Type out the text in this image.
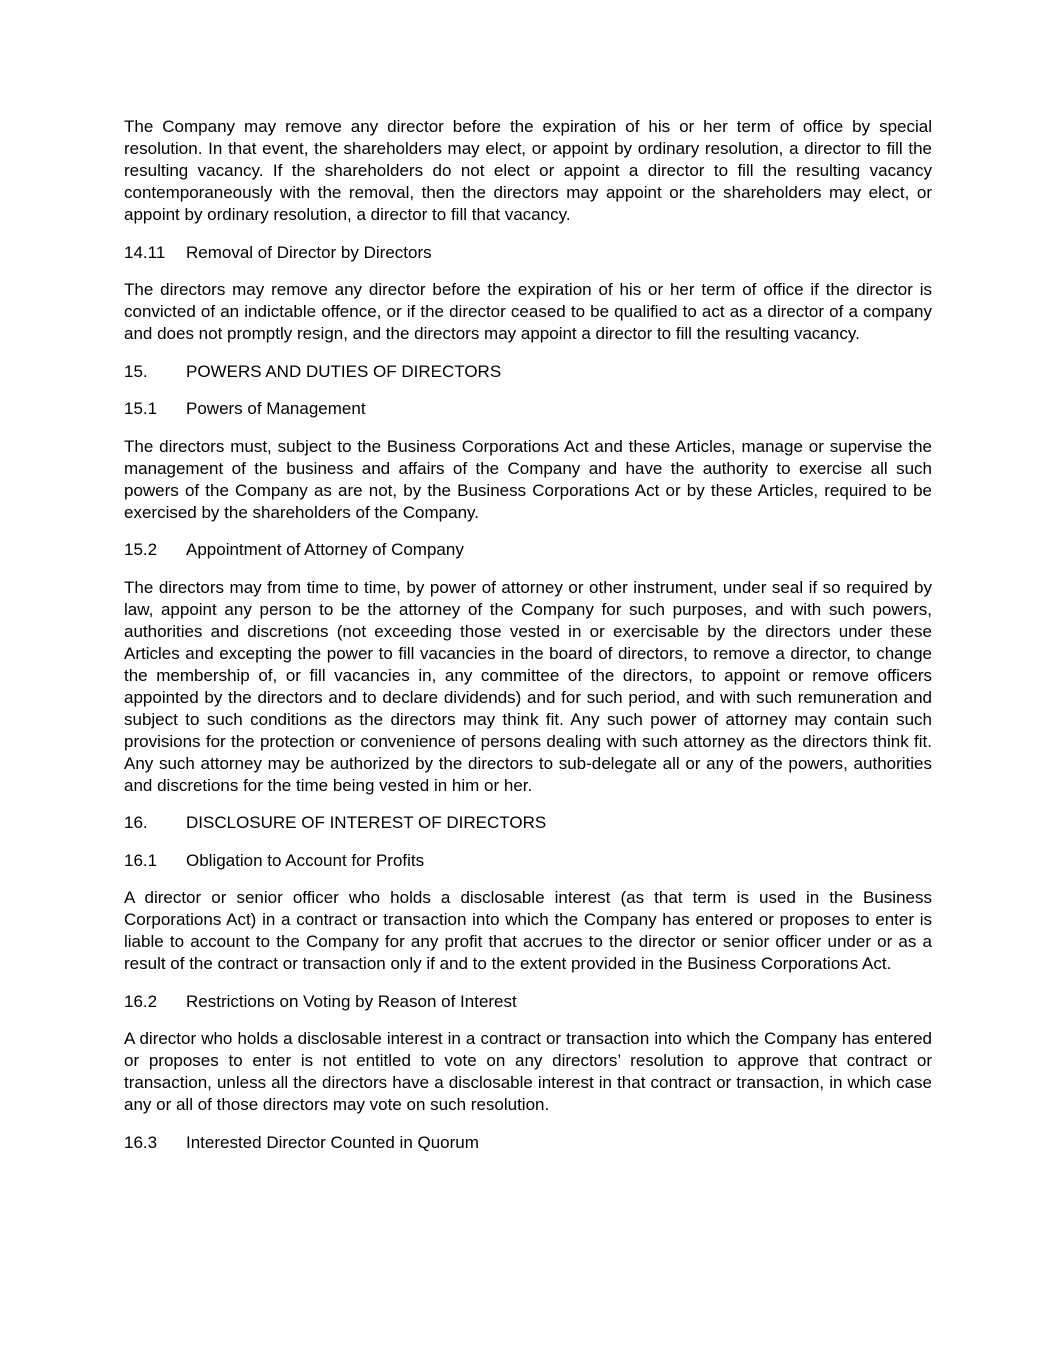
The Company may remove any director before the expiration of his or her term of office by special resolution. In that event, the shareholders may elect, or appoint by ordinary resolution, a director to fill the resulting vacancy. If the shareholders do not elect or appoint a director to fill the resulting vacancy contemporaneously with the removal, then the directors may appoint or the shareholders may elect, or appoint by ordinary resolution, a director to fill that vacancy.

14.11 Removal of Director by Directors

The directors may remove any director before the expiration of his or her term of office if the director is convicted of an indictable offence, or if the director ceased to be qualified to act as a director of a company and does not promptly resign, and the directors may appoint a director to fill the resulting vacancy.

15. POWERS AND DUTIES OF DIRECTORS
15.1 Powers of Management

The directors must, subject to the Business Corporations Act and these Articles, manage or supervise the management of the business and affairs of the Company and have the authority to exercise all such powers of the Company as are not, by the Business Corporations Act or by these Articles, required to be exercised by the shareholders of the Company.

15.2 Appointment of Attorney of Company

The directors may from time to time, by power of attorney or other instrument, under seal if so required by law, appoint any person to be the attorney of the Company for such purposes, and with such powers, authorities and discretions (not exceeding those vested in or exercisable by the directors under these Articles and excepting the power to fill vacancies in the board of directors, to remove a director, to change the membership of, or fill vacancies in, any committee of the directors, to appoint or remove officers appointed by the directors and to declare dividends) and for such period, and with such remuneration and subject to such conditions as the directors may think fit. Any such power of attorney may contain such provisions for the protection or convenience of persons dealing with such attorney as the directors think fit. Any such attorney may be authorized by the directors to sub-delegate all or any of the powers, authorities and discretions for the time being vested in him or her.

16. DISCLOSURE OF INTEREST OF DIRECTORS
16.1 Obligation to Account for Profits

A director or senior officer who holds a disclosable interest (as that term is used in the Business Corporations Act) in a contract or transaction into which the Company has entered or proposes to enter is liable to account to the Company for any profit that accrues to the director or senior officer under or as a result of the contract or transaction only if and to the extent provided in the Business Corporations Act.

16.2 Restrictions on Voting by Reason of Interest

A director who holds a disclosable interest in a contract or transaction into which the Company has entered or proposes to enter is not entitled to vote on any directors’ resolution to approve that contract or transaction, unless all the directors have a disclosable interest in that contract or transaction, in which case any or all of those directors may vote on such resolution.

16.3 Interested Director Counted in Quorum
